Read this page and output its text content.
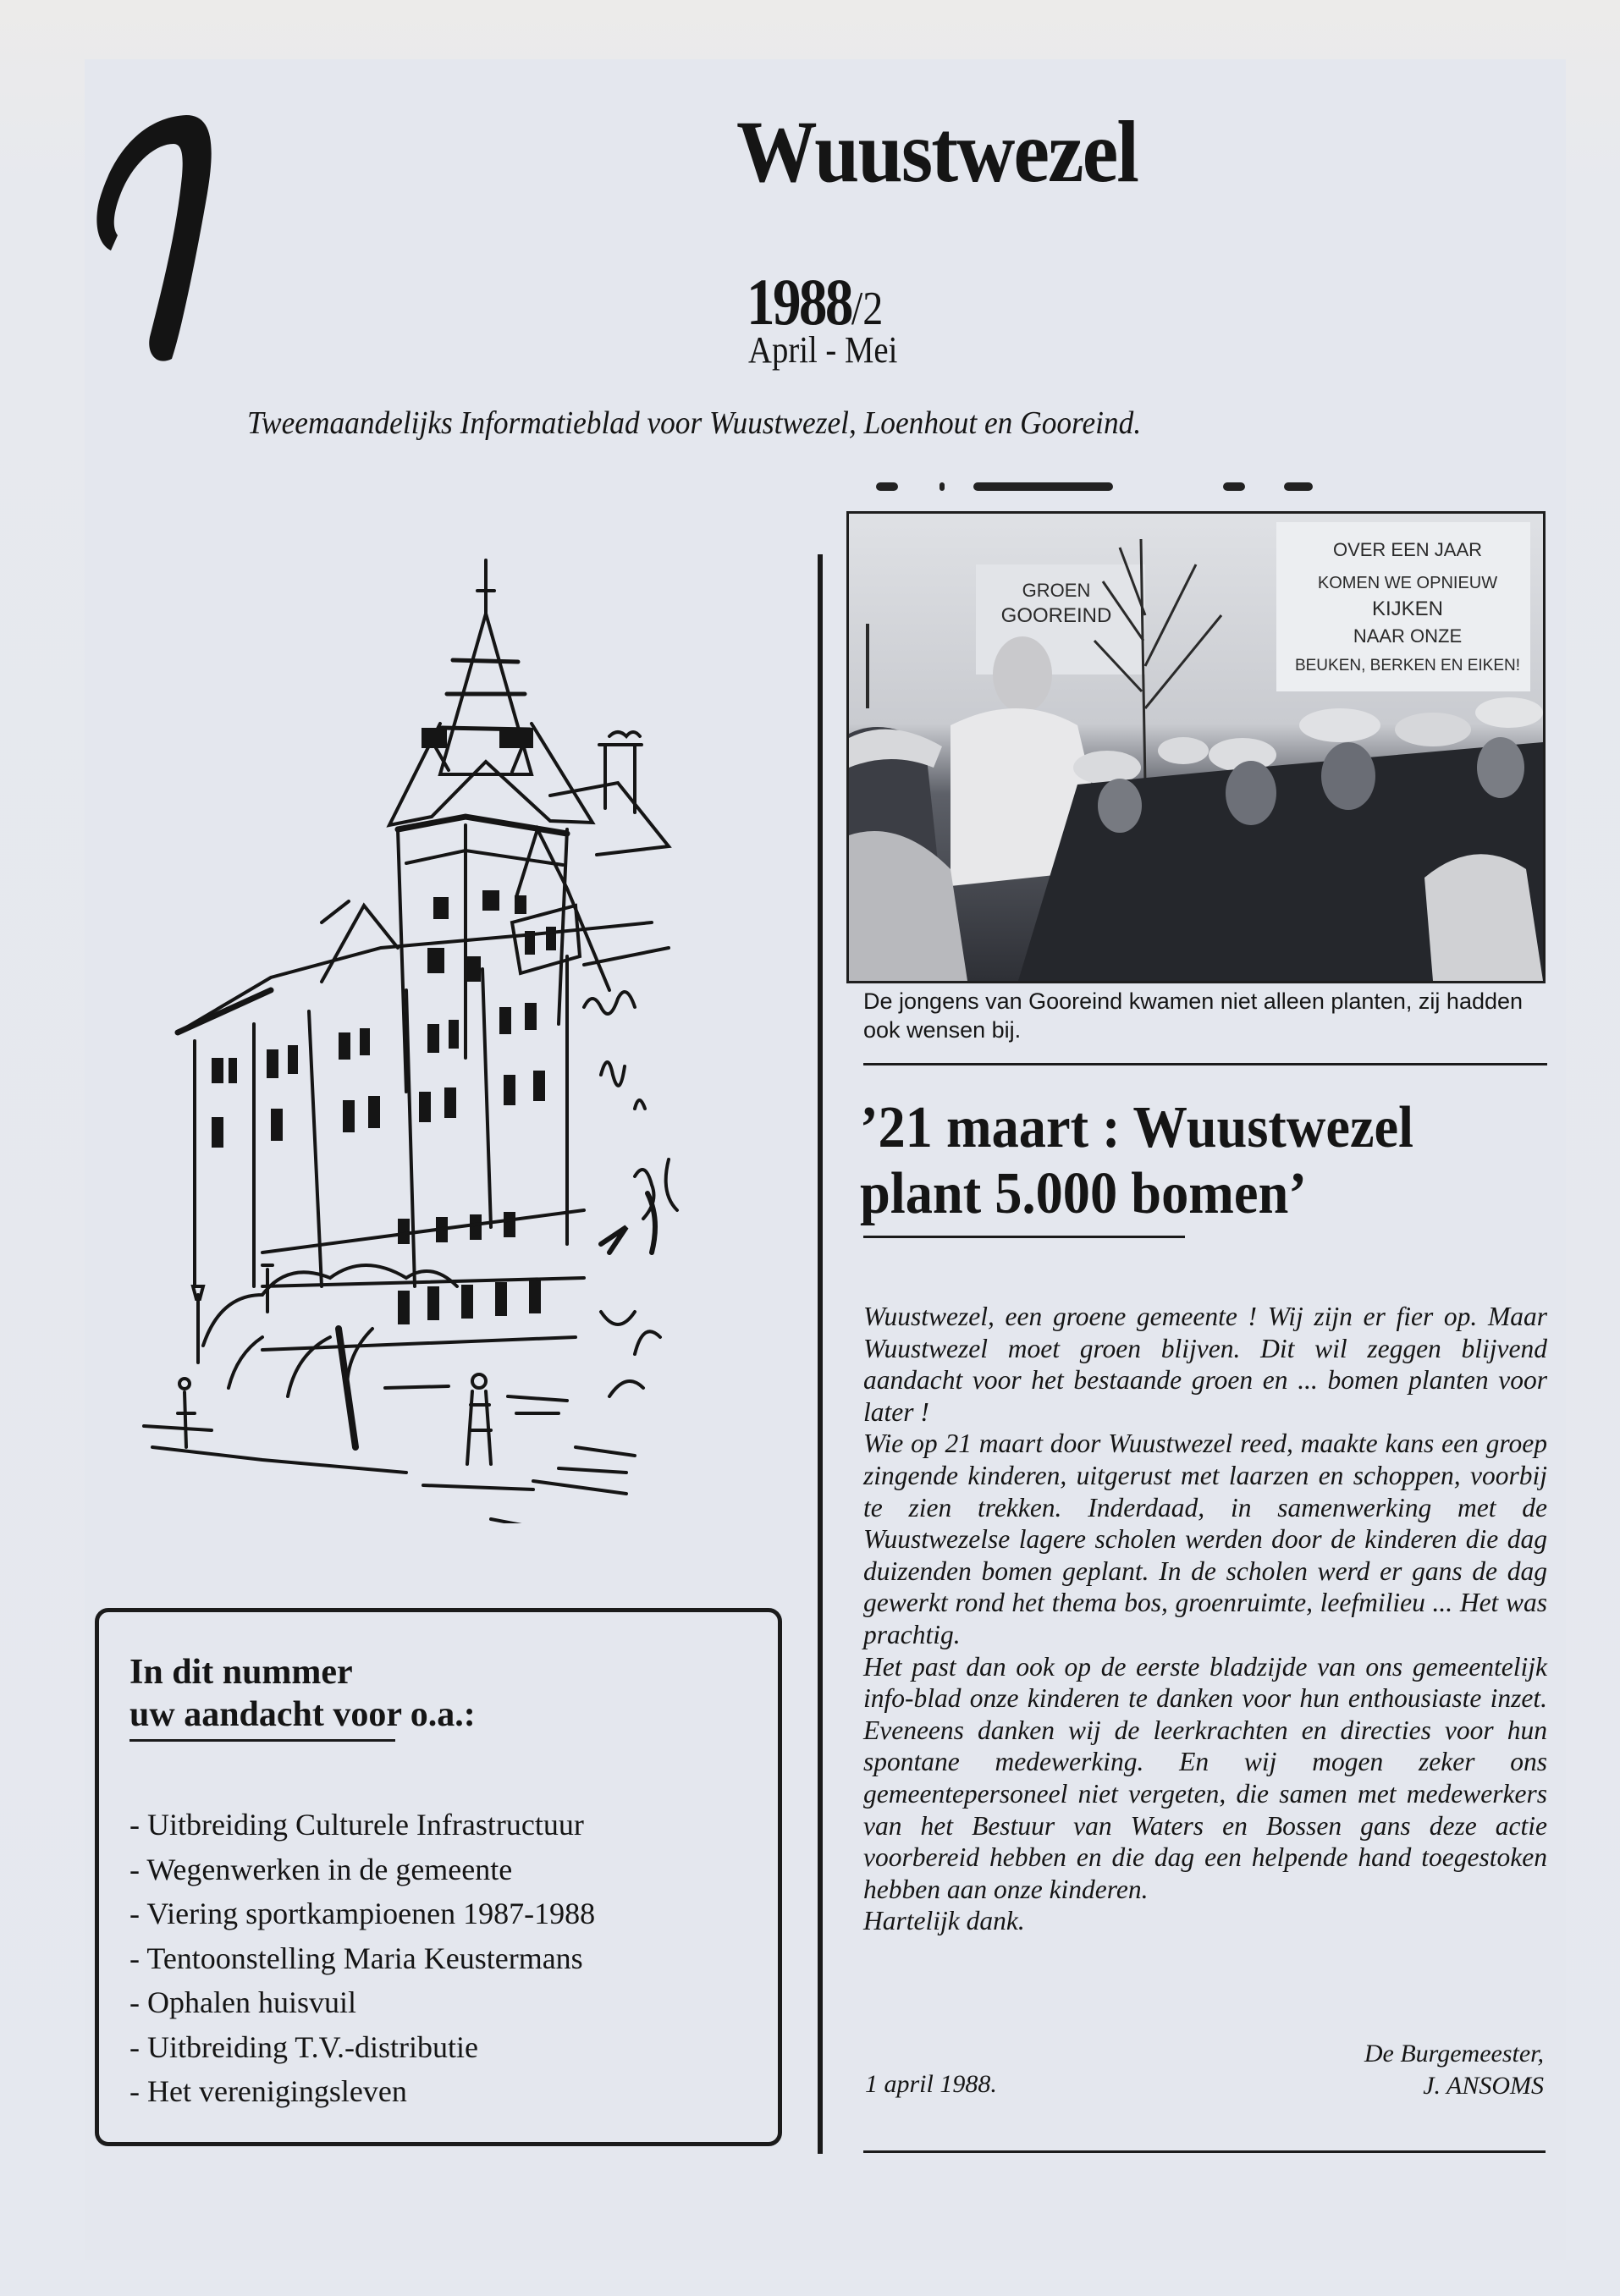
Wuustwezel
1988/2
April - Mei
Tweemaandelijks Informatieblad voor Wuustwezel, Loenhout en Gooreind.
In dit nummer
uw aandacht voor o.a.:
- Uitbreiding Culturele Infrastructuur
- Wegenwerken in de gemeente
- Viering sportkampioenen 1987-1988
- Tentoonstelling Maria Keustermans
- Ophalen huisvuil
- Uitbreiding T.V.-distributie
- Het verenigingsleven
GROEN
GOOREIND
OVER EEN JAAR
KOMEN WE OPNIEUW
KIJKEN
NAAR ONZE
BEUKEN, BERKEN EN EIKEN!
De jongens van Gooreind kwamen niet alleen planten, zij hadden ook wensen bij.
’21 maart : Wuustwezel
plant 5.000 bomen’

Wuustwezel, een groene gemeente ! Wij zijn er fier op. Maar Wuustwezel moet groen blijven. Dit wil zeggen blijvend aandacht voor het bestaande groen en ... bomen planten voor later !

Wie op 21 maart door Wuustwezel reed, maakte kans een groep zingende kinderen, uitgerust met laarzen en schoppen, voorbij te zien trekken. Inderdaad, in samenwerking met de Wuustwezelse lagere scholen werden door de kinderen die dag duizenden bomen geplant. In de scholen werd er gans de dag gewerkt rond het thema bos, groenruimte, leefmilieu ... Het was prachtig.

Het past dan ook op de eerste bladzijde van ons gemeentelijk info-blad onze kinderen te danken voor hun enthousiaste inzet. Eveneens danken wij de leerkrachten en directies voor hun spontane medewerking. En wij mogen zeker ons gemeentepersoneel niet vergeten, die samen met medewerkers van het Bestuur van Waters en Bossen gans deze actie voorbereid hebben en die dag een helpende hand toegestoken hebben aan onze kinderen.

Hartelijk dank.

1 april 1988.
De Burgemeester,
J. ANSOMS
